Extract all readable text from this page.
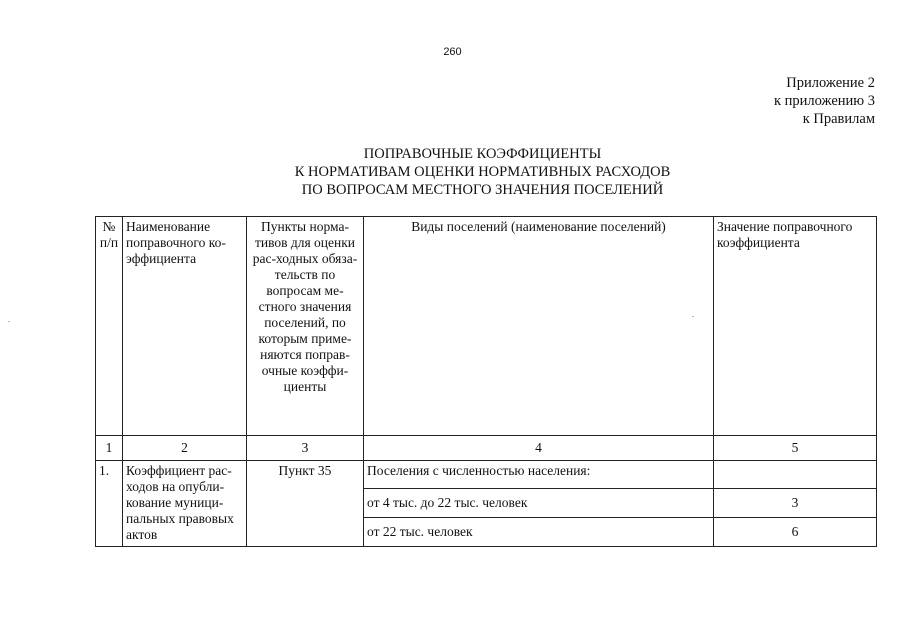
260
Приложение 2
к приложению 3
к Правилам
ПОПРАВОЧНЫЕ КОЭФФИЦИЕНТЫ
К НОРМАТИВАМ ОЦЕНКИ НОРМАТИВНЫХ РАСХОДОВ
ПО ВОПРОСАМ МЕСТНОГО ЗНАЧЕНИЯ ПОСЕЛЕНИЙ
№ п/п	Наименование поправочного ко-эффициента	Пункты норма-тивов для оценки рас-ходных обяза-тельств по вопросам ме-стного значения поселений, по которым приме-няются поправ-очные коэффи-циенты	Виды поселений (наименование поселений)	Значение поправочного коэффициента
1	2	3	4	5
1.	Коэффициент рас-ходов на опубли-кование муници-пальных правовых актов	Пункт 35	Поселения с численностью населения:	
			от 4 тыс. до 22 тыс. человек	3
			от 22 тыс. человек	6
